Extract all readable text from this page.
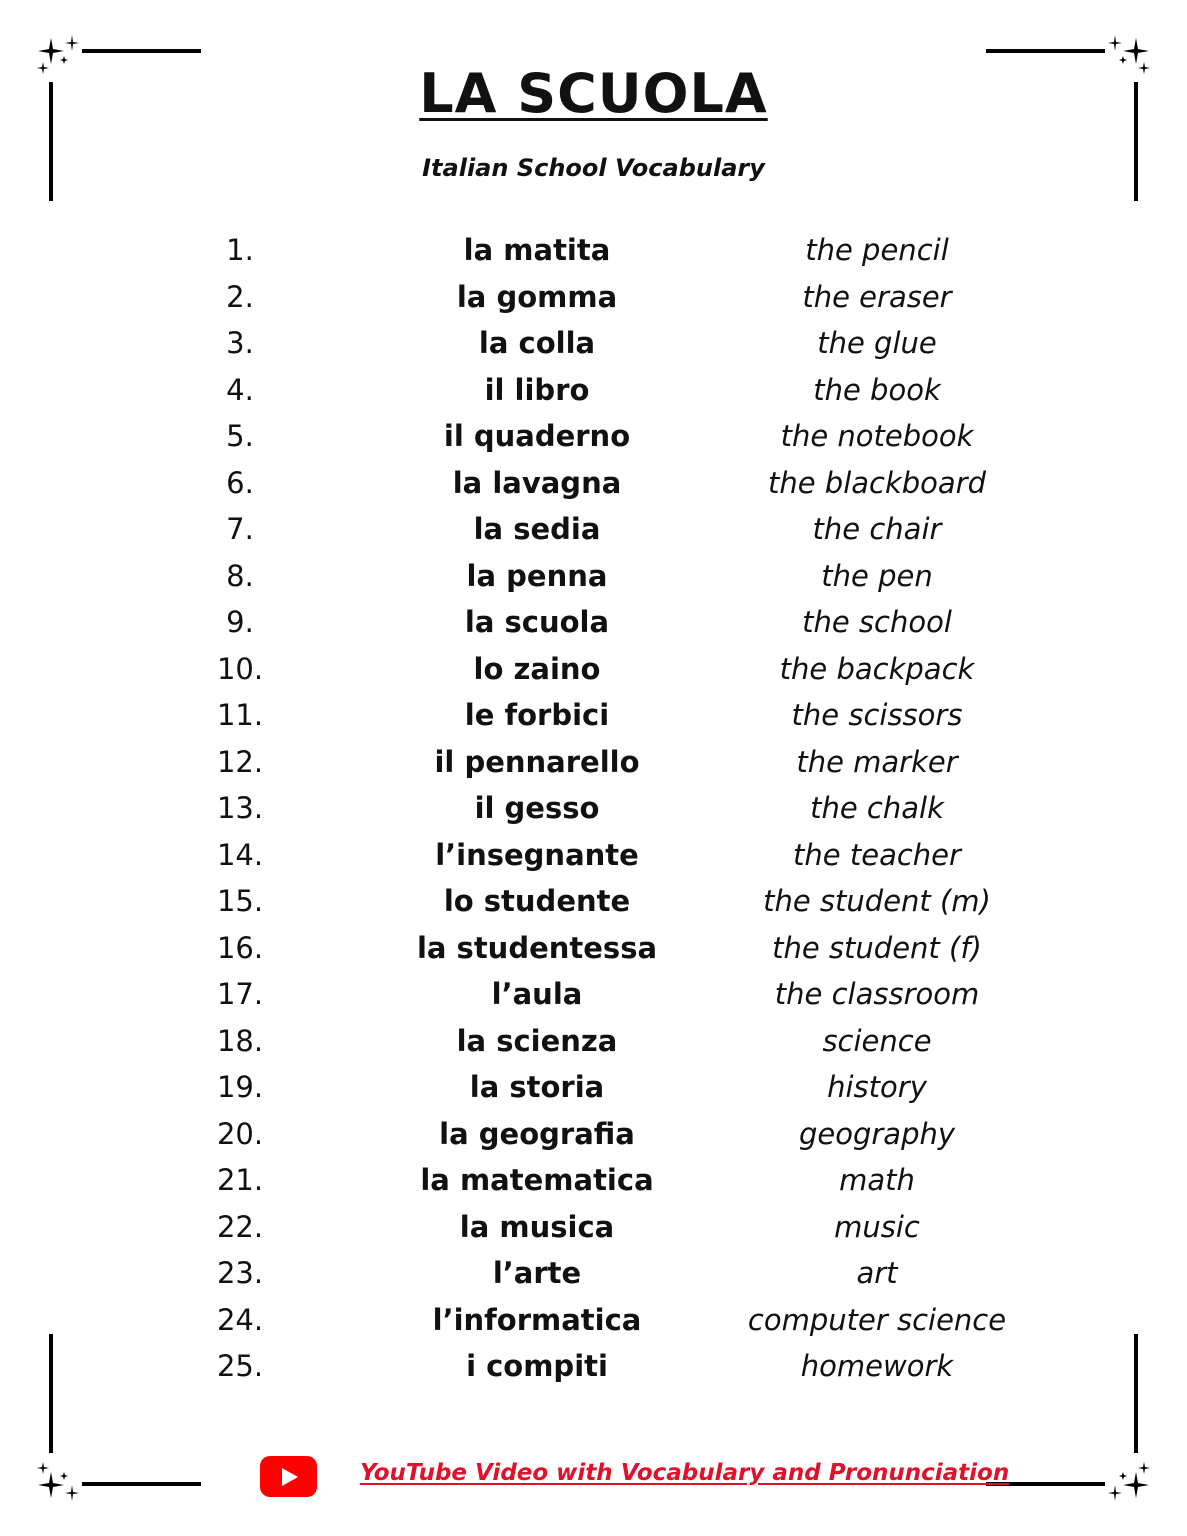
LA SCUOLA
Italian School Vocabulary
1.	la matita	the pencil
2.	la gomma	the eraser
3.	la colla	the glue
4.	il libro	the book
5.	il quaderno	the notebook
6.	la lavagna	the blackboard
7.	la sedia	the chair
8.	la penna	the pen
9.	la scuola	the school
10.	lo zaino	the backpack
11.	le forbici	the scissors
12.	il pennarello	the marker
13.	il gesso	the chalk
14.	l’insegnante	the teacher
15.	lo studente	the student (m)
16.	la studentessa	the student (f)
17.	l’aula	the classroom
18.	la scienza	science
19.	la storia	history
20.	la geografia	geography
21.	la matematica	math
22.	la musica	music
23.	l’arte	art
24.	l’informatica	computer science
25.	i compiti	homework
YouTube Video with Vocabulary and Pronunciation
